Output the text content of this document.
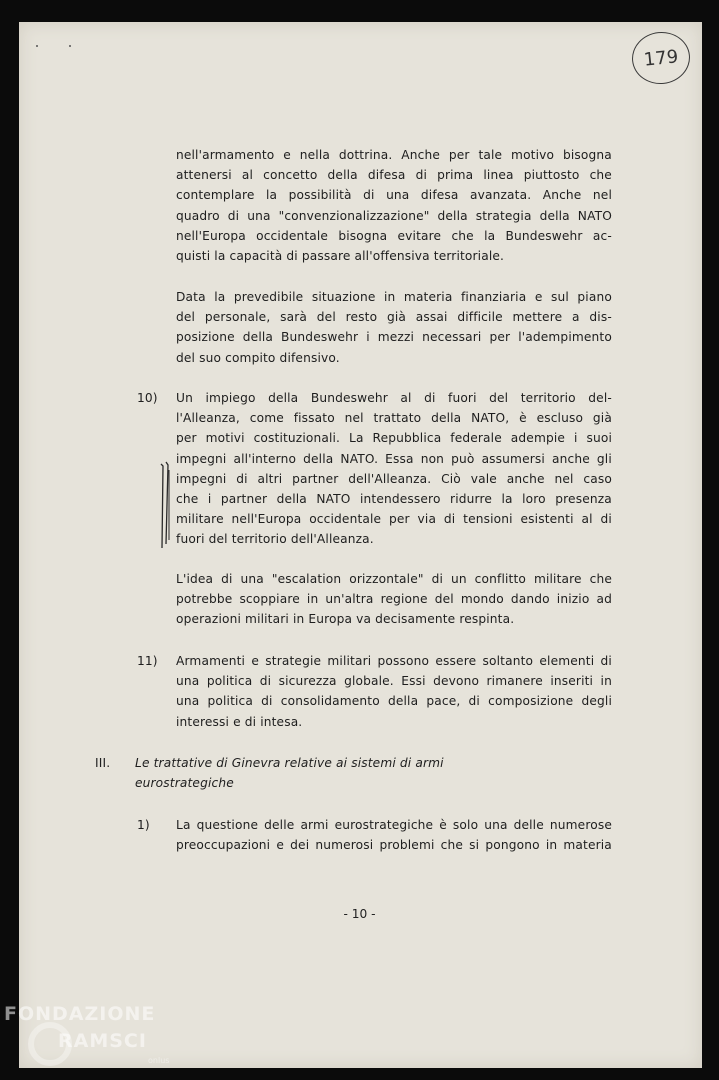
179
nell'armamento e nella dottrina. Anche per tale motivo bisogna
attenersi al concetto della difesa di prima linea piuttosto che
contemplare la possibilità di una difesa avanzata. Anche nel
quadro di una "convenzionalizzazione" della strategia della NATO
nell'Europa occidentale bisogna evitare che la Bundeswehr ac-
quisti la capacità di passare all'offensiva territoriale.
Data la prevedibile situazione in materia finanziaria e sul piano
del personale, sarà del resto già assai difficile mettere a dis-
posizione della Bundeswehr i mezzi necessari per l'adempimento
del suo compito difensivo.
10) Un impiego della Bundeswehr al di fuori del territorio del-
l'Alleanza, come fissato nel trattato della NATO, è escluso già
per motivi costituzionali. La Repubblica federale adempie i suoi
impegni all'interno della NATO. Essa non può assumersi anche gli
impegni di altri partner dell'Alleanza. Ciò vale anche nel caso
che i partner della NATO intendessero ridurre la loro presenza
militare nell'Europa occidentale per via di tensioni esistenti al di
fuori del territorio dell'Alleanza.
L'idea di una "escalation orizzontale" di un conflitto militare che
potrebbe scoppiare in un'altra regione del mondo dando inizio ad
operazioni militari in Europa va decisamente respinta.
11) Armamenti e strategie militari possono essere soltanto elementi di
una politica di sicurezza globale. Essi devono rimanere inseriti in
una politica di consolidamento della pace, di composizione degli
interessi e di intesa.
III. Le trattative di Ginevra relative ai sistemi di armi
eurostrategiche
1) La questione delle armi eurostrategiche è solo una delle numerose
preoccupazioni e dei numerosi problemi che si pongono in materia
- 10 -
FONDAZIONE
RAMSCI
onlus
